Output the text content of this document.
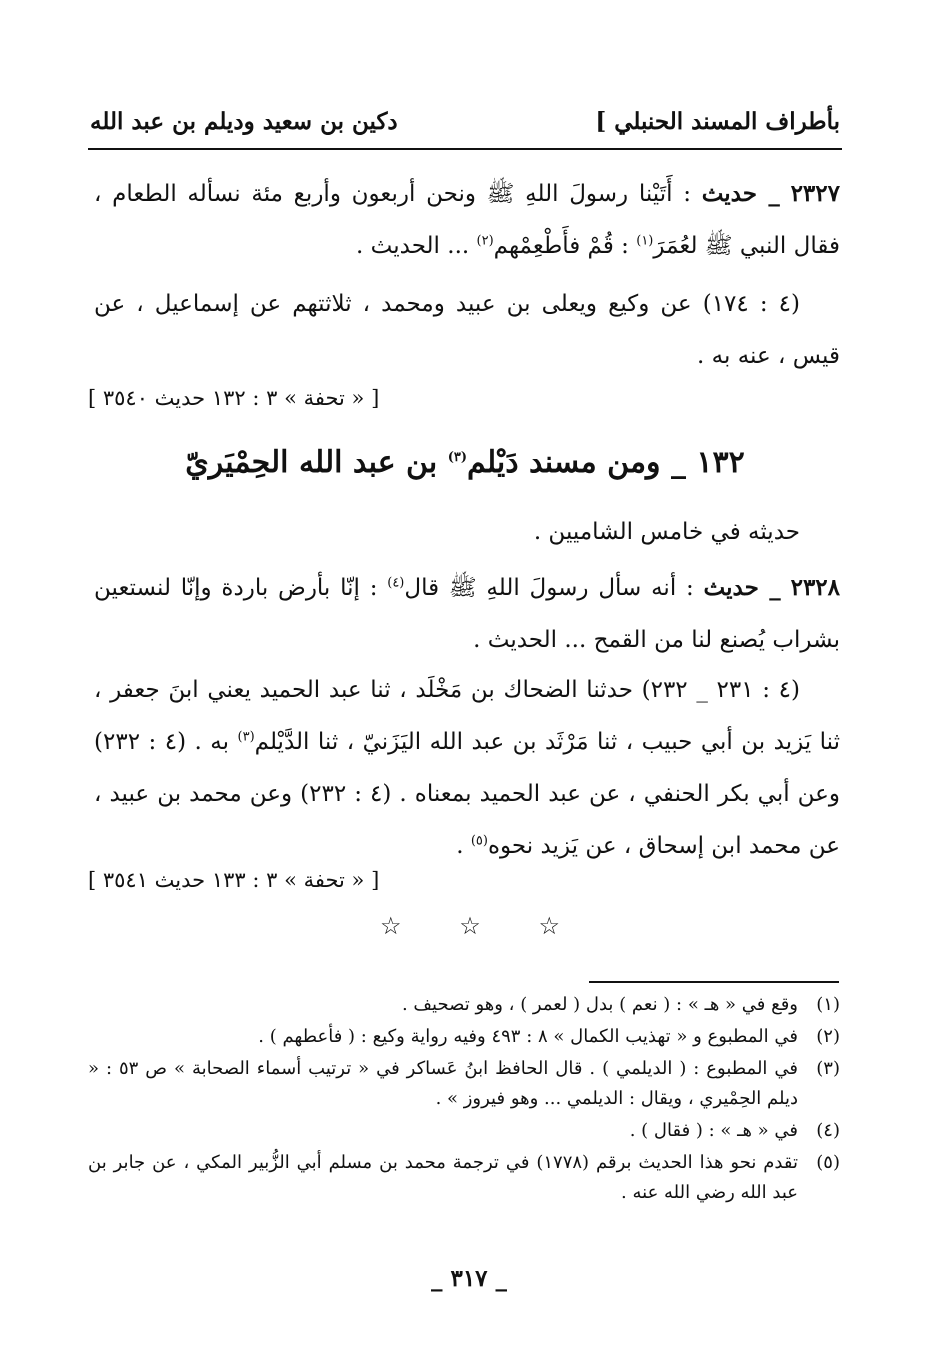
بأطراف المسند الحنبلي ]
دكين بن سعيد وديلم بن عبد الله
٢٣٢٧ _ حديث : أَتَيْنا رسولَ اللهِ ﷺ ونحن أربعون وأربع مئة نسأله الطعام ، فقال النبي ﷺ لعُمَرَ$^{(١)}$ : قُمْ فأَطْعِمْهم$^{(٢)}$ ... الحديث .
(٤ : ١٧٤) عن وكيع ويعلى بن عبيد ومحمد ، ثلاثتهم عن إسماعيل ، عن قيس ، عنه به .
[ « تحفة » ٣ : ١٣٢ حديث ٣٥٤٠ ]
١٣٢ _ ومن مسند دَيْلم$^{(٣)}$ بن عبد الله الحِمْيَريّ
حديثه في خامس الشاميين .
٢٣٢٨ _ حديث : أنه سأل رسولَ اللهِ ﷺ قال$^{(٤)}$ : إنّا بأرض باردة وإنّا لنستعين بشراب يُصنع لنا من القمح ... الحديث .
(٤ : ٢٣١ _ ٢٣٢) حدثنا الضحاك بن مَخْلَد ، ثنا عبد الحميد يعني ابنَ جعفر ، ثنا يَزيد بن أبي حبيب ، ثنا مَرْثَد بن عبد الله اليَزَنيّ ، ثنا الدَّيْلم$^{(٣)}$ به . (٤ : ٢٣٢) وعن أبي بكر الحنفي ، عن عبد الحميد بمعناه . (٤ : ٢٣٢) وعن محمد بن عبيد ، عن محمد ابن إسحاق ، عن يَزيد نحوه$^{(٥)}$ .
[ « تحفة » ٣ : ١٣٣ حديث ٣٥٤١ ]
☆ ☆ ☆
(١)
وقع في « هـ » : ( نعم ) بدل ( لعمر ) ، وهو تصحيف .
(٢)
في المطبوع و « تهذيب الكمال » ٨ : ٤٩٣ وفيه رواية وكيع : ( فأعطهم ) .
(٣)
في المطبوع : ( الديلمي ) . قال الحافظ ابنُ عَساكر في « ترتيب أسماء الصحابة » ص ٥٣ : « ديلم الحِمْيري ، ويقال : الديلمي ... وهو فيروز » .
(٤)
في « هـ » : ( فقال ) .
(٥)
تقدم نحو هذا الحديث برقم (١٧٧٨) في ترجمة محمد بن مسلم أبي الزُّبير المكي ، عن جابر بن عبد الله رضي الله عنه .
_ ٣١٧ _
